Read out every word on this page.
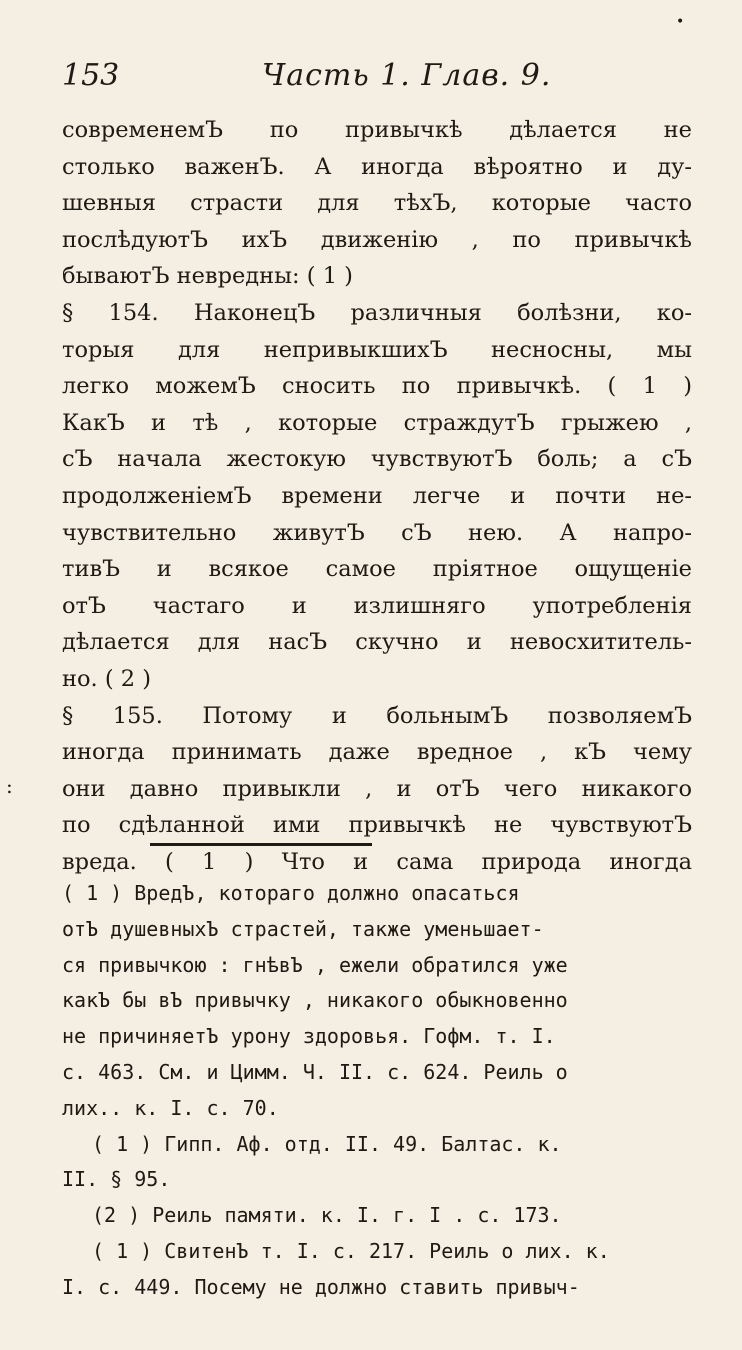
•
153	Часть 1. Глав. 9.
современемЪ по привычкѣ дѣлается не
столько важенЪ. А иногда вѣроятно и ду-
шевныя страсти для тѣхЪ, которые часто
послѣдуютЪ ихЪ движенію , по привычкѣ
бываютЪ невредны: ( 1 )
§ 154. НаконецЪ различныя болѣзни, ко-
торыя для непривыкшихЪ несносны, мы
легко можемЪ сносить по привычкѣ. ( 1 )
КакЪ и тѣ , которые страждутЪ грыжею ,
сЪ начала жестокую чувствуютЪ боль; а сЪ
продолженіемЪ времени легче и почти не-
чувствительно живутЪ сЪ нею. А напро-
тивЪ и всякое самое пріятное ощущеніе
отЪ частаго и излишняго употребленія
дѣлается для насЪ скучно и невосхититель-
но. ( 2 )
§ 155. Потому и больнымЪ позволяемЪ
иногда принимать даже вредное , кЪ чему
они давно привыкли , и отЪ чего никакого
по сдѣланной ими привычкѣ не чувствуютЪ
вреда. ( 1 ) Что и сама природа иногда
:
( 1 ) ВредЪ, котораго должно опасаться
отЪ душевныхЪ страстей, также уменьшает-
ся привычкою : гнѣвЪ , ежели обратился уже
какЪ бы вЪ привычку , никакого обыкновенно
не причиняетЪ урону здоровья. Гофм. т. I.
с. 463. См. и Цимм. Ч. II. с. 624. Реиль о
лих.. к. I. с. 70.
( 1 ) Гипп. Аф. отд. II. 49. Балтас. к.
II. § 95.
(2 ) Реиль памяти. к. I. г. I . с. 173.
( 1 ) СвитенЪ т. I. с. 217. Реиль о лих. к.
I. с. 449. Посему не должно ставить привыч-
